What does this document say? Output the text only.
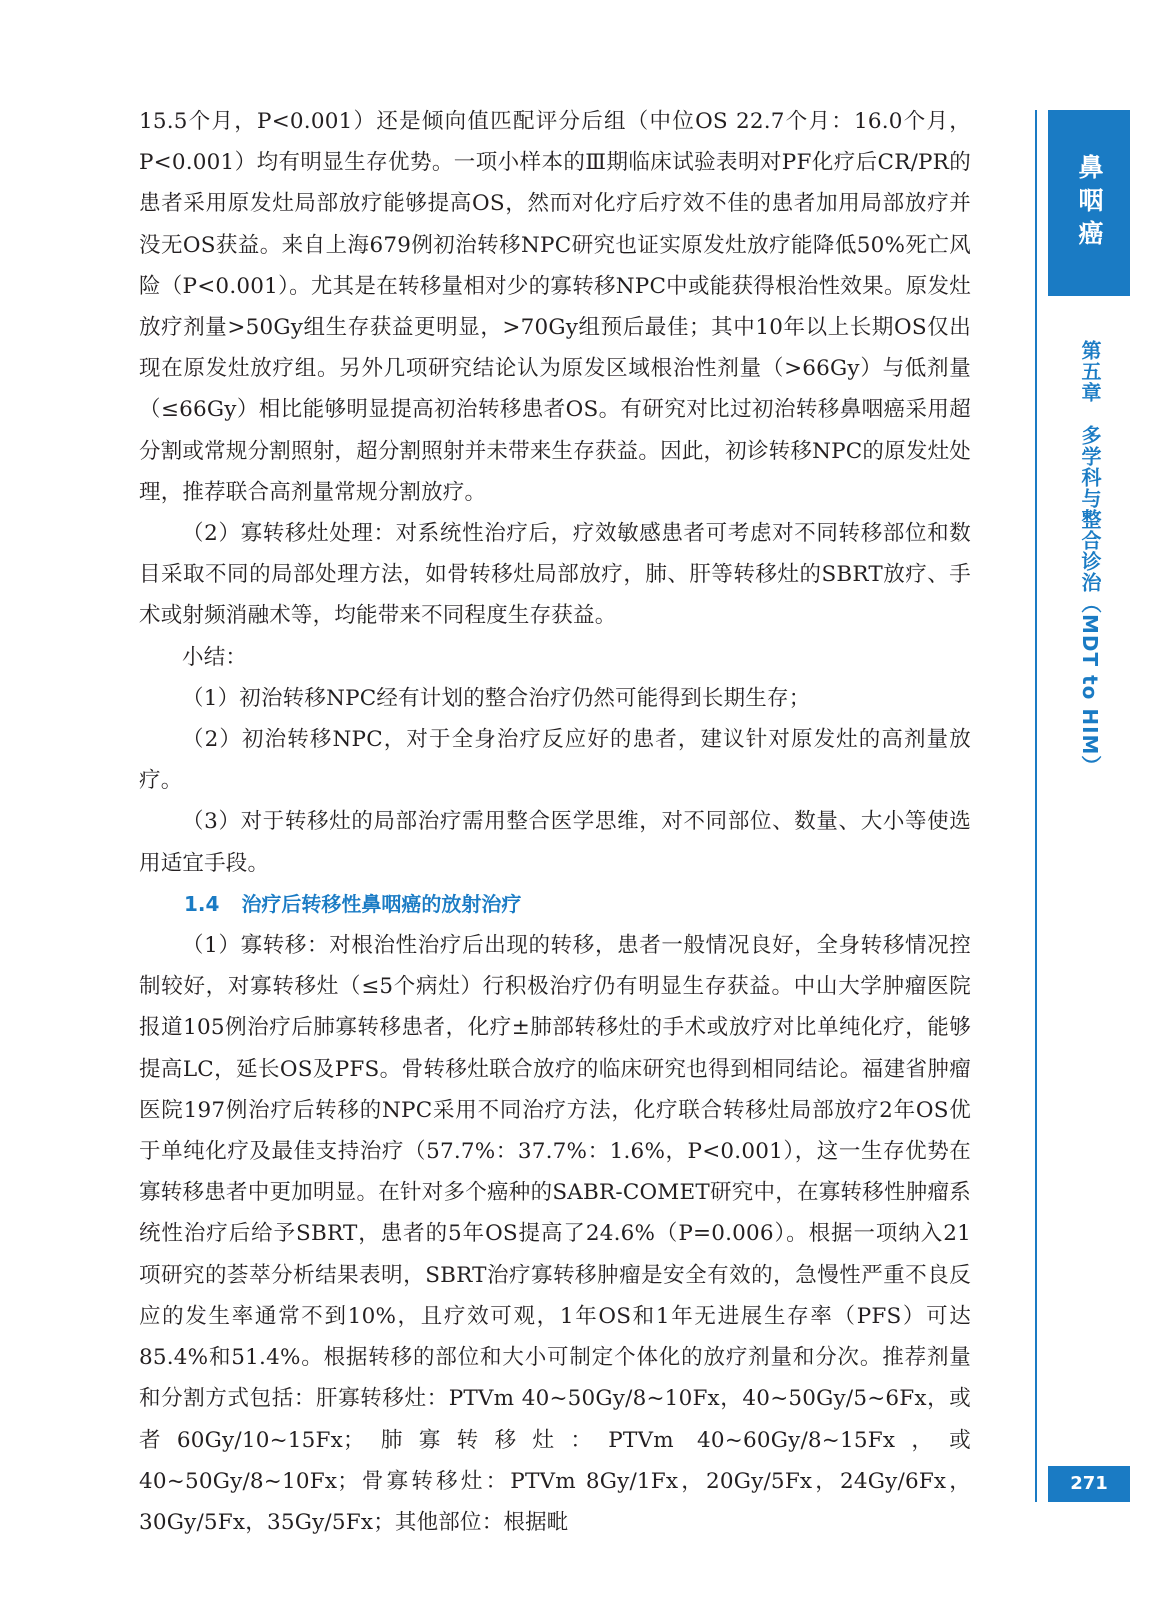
15.5个月，P<0.001）还是倾向值匹配评分后组（中位OS 22.7个月：16.0个月，P<0.001）均有明显生存优势。一项小样本的Ⅲ期临床试验表明对PF化疗后CR/PR的患者采用原发灶局部放疗能够提高OS，然而对化疗后疗效不佳的患者加用局部放疗并没无OS获益。来自上海679例初治转移NPC研究也证实原发灶放疗能降低50%死亡风险（P<0.001）。尤其是在转移量相对少的寡转移NPC中或能获得根治性效果。原发灶放疗剂量>50Gy组生存获益更明显，>70Gy组预后最佳；其中10年以上长期OS仅出现在原发灶放疗组。另外几项研究结论认为原发区域根治性剂量（>66Gy）与低剂量（≤66Gy）相比能够明显提高初治转移患者OS。有研究对比过初治转移鼻咽癌采用超分割或常规分割照射，超分割照射并未带来生存获益。因此，初诊转移NPC的原发灶处理，推荐联合高剂量常规分割放疗。

（2）寡转移灶处理：对系统性治疗后，疗效敏感患者可考虑对不同转移部位和数目采取不同的局部处理方法，如骨转移灶局部放疗，肺、肝等转移灶的SBRT放疗、手术或射频消融术等，均能带来不同程度生存获益。

小结：

（1）初治转移NPC经有计划的整合治疗仍然可能得到长期生存；

（2）初治转移NPC，对于全身治疗反应好的患者，建议针对原发灶的高剂量放疗。

（3）对于转移灶的局部治疗需用整合医学思维，对不同部位、数量、大小等使选用适宜手段。

1.4 治疗后转移性鼻咽癌的放射治疗

（1）寡转移：对根治性治疗后出现的转移，患者一般情况良好，全身转移情况控制较好，对寡转移灶（≤5个病灶）行积极治疗仍有明显生存获益。中山大学肿瘤医院报道105例治疗后肺寡转移患者，化疗±肺部转移灶的手术或放疗对比单纯化疗，能够提高LC，延长OS及PFS。骨转移灶联合放疗的临床研究也得到相同结论。福建省肿瘤医院197例治疗后转移的NPC采用不同治疗方法，化疗联合转移灶局部放疗2年OS优于单纯化疗及最佳支持治疗（57.7%：37.7%：1.6%，P<0.001），这一生存优势在寡转移患者中更加明显。在针对多个癌种的SABR-COMET研究中，在寡转移性肿瘤系统性治疗后给予SBRT，患者的5年OS提高了24.6%（P=0.006）。根据一项纳入21项研究的荟萃分析结果表明，SBRT治疗寡转移肿瘤是安全有效的，急慢性严重不良反应的发生率通常不到10%，且疗效可观，1年OS和1年无进展生存率（PFS）可达85.4%和51.4%。根据转移的部位和大小可制定个体化的放疗剂量和分次。推荐剂量和分割方式包括：肝寡转移灶：PTVm 40~50Gy/8~10Fx，40~50Gy/5~6Fx，或者60Gy/10~15Fx；肺寡转移灶：PTVm 40~60Gy/8~15Fx，或40~50Gy/8~10Fx；骨寡转移灶：PTVm 8Gy/1Fx，20Gy/5Fx，24Gy/6Fx，30Gy/5Fx，35Gy/5Fx；其他部位：根据毗

鼻咽癌
第五章多学科与整合诊治（MDT to HIM）
271
